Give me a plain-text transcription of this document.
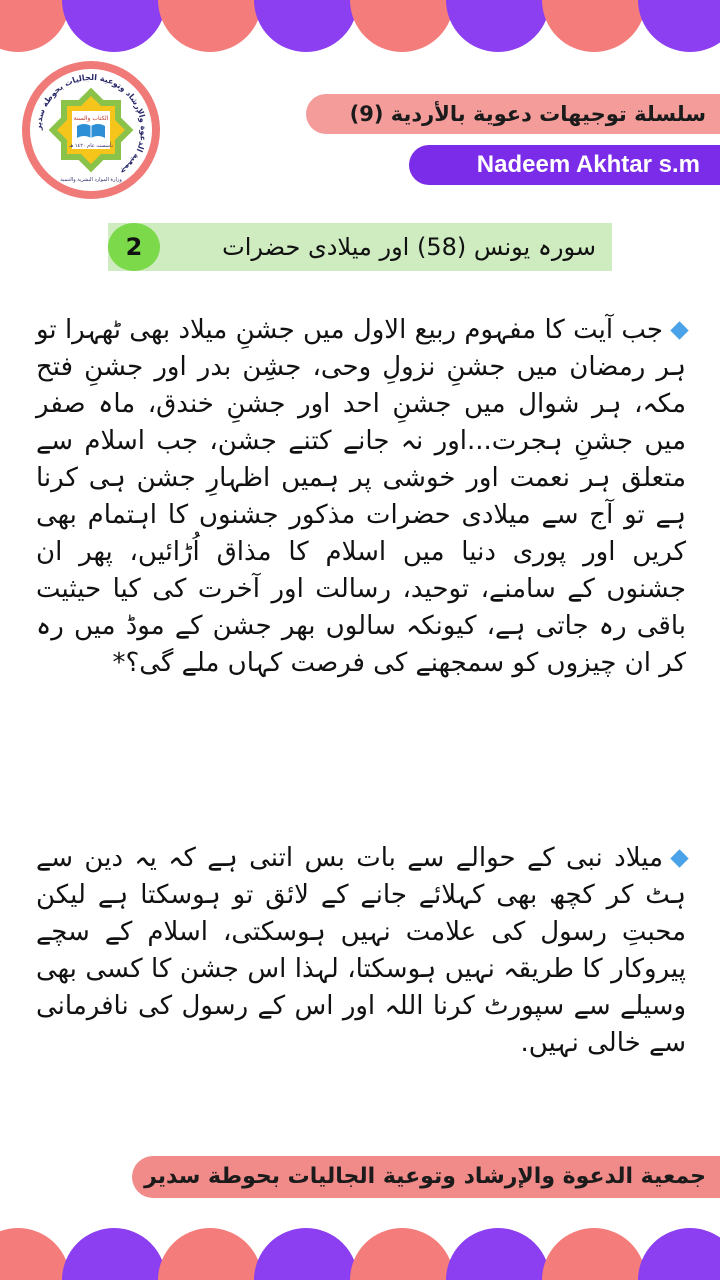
جمعية الدعوة والإرشاد وتوعية الجاليات بحوطة سدير
الكتاب والسنة
تأسست عام ١٤٢٠ هـ
وزارة الموارد البشرية والتنمية
سلسلة توجيهات دعوية بالأردية (9)
Nadeem Akhtar s.m
2	سورہ یونس (58) اور میلادی حضرات
جب آیت کا مفہوم ربیع الاول میں جشنِ میلاد بھی ٹھہرا تو ہر رمضان میں جشنِ نزولِ وحی، جشِن بدر اور جشنِ فتح مکہ، ہر شوال میں جشنِ احد اور جشنِ خندق، ماہ صفر میں جشنِ ہجرت...اور نہ جانے کتنے جشن، جب اسلام سے متعلق ہر نعمت اور خوشی پر ہمیں اظہارِ جشن ہی کرنا ہے تو آج سے میلادی حضرات مذکور جشنوں کا اہتمام بھی کریں اور پوری دنیا میں اسلام کا مذاق اُڑائیں، پھر ان جشنوں کے سامنے، توحید، رسالت اور آخرت کی کیا حیثیت باقی رہ جاتی ہے، کیونکہ سالوں بھر جشن کے موڈ میں رہ کر ان چیزوں کو سمجھنے کی فرصت کہاں ملے گی؟*
میلاد نبی کے حوالے سے بات بس اتنی ہے کہ یہ دین سے ہٹ کر کچھ بھی کہلائے جانے کے لائق تو ہوسکتا ہے لیکن محبتِ رسول کی علامت نہیں ہوسکتی، اسلام کے سچے پیروکار کا طریقہ نہیں ہوسکتا، لہذا اس جشن کا کسی بھی وسیلے سے سپورٹ کرنا اللہ اور اس کے رسول کی نافرمانی سے خالی نہیں.
جمعية الدعوة والإرشاد وتوعية الجاليات بحوطة سدير
